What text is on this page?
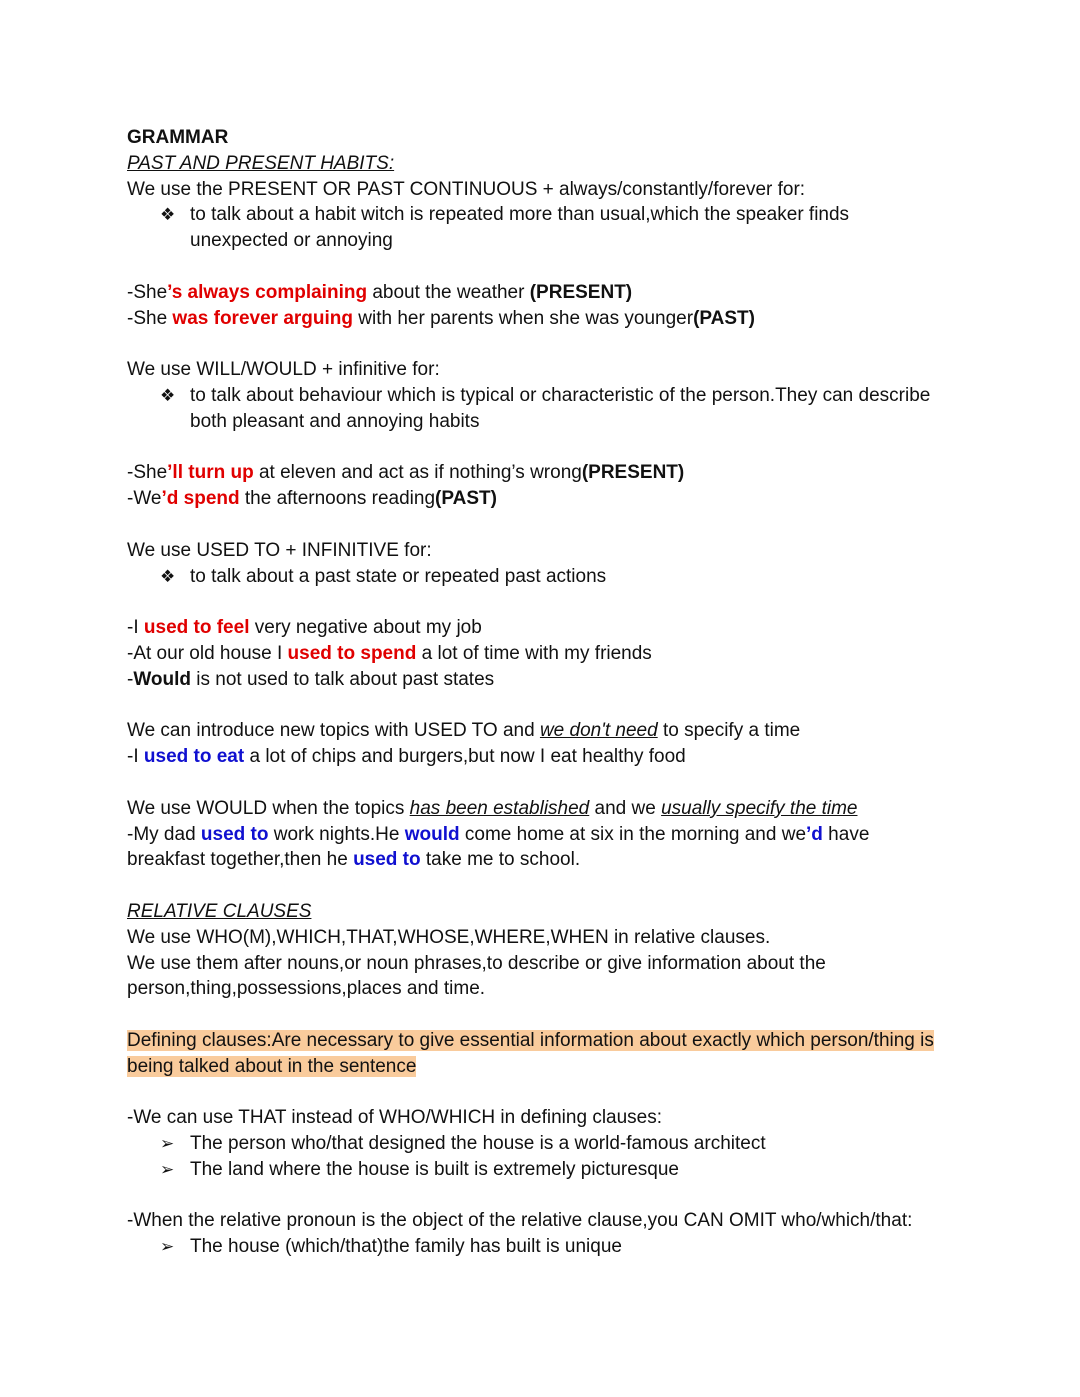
GRAMMAR
PAST AND PRESENT HABITS:
We use the PRESENT OR PAST CONTINUOUS + always/constantly/forever for:
❖ to talk about a habit witch is repeated more than usual,which the speaker finds
unexpected or annoying
-She’s always complaining about the weather (PRESENT)
-She was forever arguing with her parents when she was younger(PAST)
We use WILL/WOULD + infinitive for:
❖ to talk about behaviour which is typical or characteristic of the person.They can describe
both pleasant and annoying habits
-She’ll turn up at eleven and act as if nothing’s wrong(PRESENT)
-We’d spend the afternoons reading(PAST)
We use USED TO + INFINITIVE for:
❖ to talk about a past state or repeated past actions
-I used to feel very negative about my job
-At our old house I used to spend a lot of time with my friends
-Would is not used to talk about past states
We can introduce new topics with USED TO and we don't need to specify a time
-I used to eat a lot of chips and burgers,but now I eat healthy food
We use WOULD when the topics has been established and we usually specify the time
-My dad used to work nights.He would come home at six in the morning and we’d have
breakfast together,then he used to take me to school.
RELATIVE CLAUSES
We use WHO(M),WHICH,THAT,WHOSE,WHERE,WHEN in relative clauses.
We use them after nouns,or noun phrases,to describe or give information about the
person,thing,possessions,places and time.
Defining clauses:Are necessary to give essential information about exactly which person/thing is
being talked about in the sentence
-We can use THAT instead of WHO/WHICH in defining clauses:
➢ The person who/that designed the house is a world-famous architect
➢ The land where the house is built is extremely picturesque
-When the relative pronoun is the object of the relative clause,you CAN OMIT who/which/that:
➢ The house (which/that)the family has built is unique
